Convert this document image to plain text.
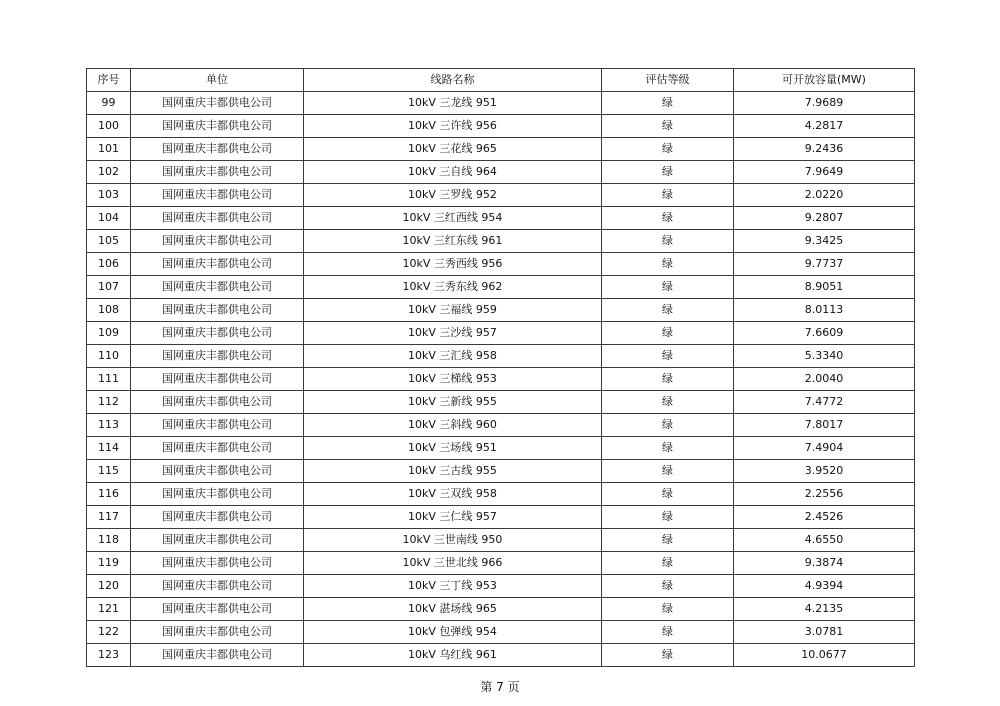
序号	单位	线路名称	评估等级	可开放容量(MW)
99	国网重庆丰都供电公司	10kV 三龙线 951	绿	7.9689
100	国网重庆丰都供电公司	10kV 三许线 956	绿	4.2817
101	国网重庆丰都供电公司	10kV 三花线 965	绿	9.2436
102	国网重庆丰都供电公司	10kV 三自线 964	绿	7.9649
103	国网重庆丰都供电公司	10kV 三罗线 952	绿	2.0220
104	国网重庆丰都供电公司	10kV 三红西线 954	绿	9.2807
105	国网重庆丰都供电公司	10kV 三红东线 961	绿	9.3425
106	国网重庆丰都供电公司	10kV 三秀西线 956	绿	9.7737
107	国网重庆丰都供电公司	10kV 三秀东线 962	绿	8.9051
108	国网重庆丰都供电公司	10kV 三福线 959	绿	8.0113
109	国网重庆丰都供电公司	10kV 三沙线 957	绿	7.6609
110	国网重庆丰都供电公司	10kV 三汇线 958	绿	5.3340
111	国网重庆丰都供电公司	10kV 三梯线 953	绿	2.0040
112	国网重庆丰都供电公司	10kV 三新线 955	绿	7.4772
113	国网重庆丰都供电公司	10kV 三斜线 960	绿	7.8017
114	国网重庆丰都供电公司	10kV 三场线 951	绿	7.4904
115	国网重庆丰都供电公司	10kV 三古线 955	绿	3.9520
116	国网重庆丰都供电公司	10kV 三双线 958	绿	2.2556
117	国网重庆丰都供电公司	10kV 三仁线 957	绿	2.4526
118	国网重庆丰都供电公司	10kV 三世南线 950	绿	4.6550
119	国网重庆丰都供电公司	10kV 三世北线 966	绿	9.3874
120	国网重庆丰都供电公司	10kV 三丁线 953	绿	4.9394
121	国网重庆丰都供电公司	10kV 湛场线 965	绿	4.2135
122	国网重庆丰都供电公司	10kV 包弹线 954	绿	3.0781
123	国网重庆丰都供电公司	10kV 乌红线 961	绿	10.0677
第 7 页
